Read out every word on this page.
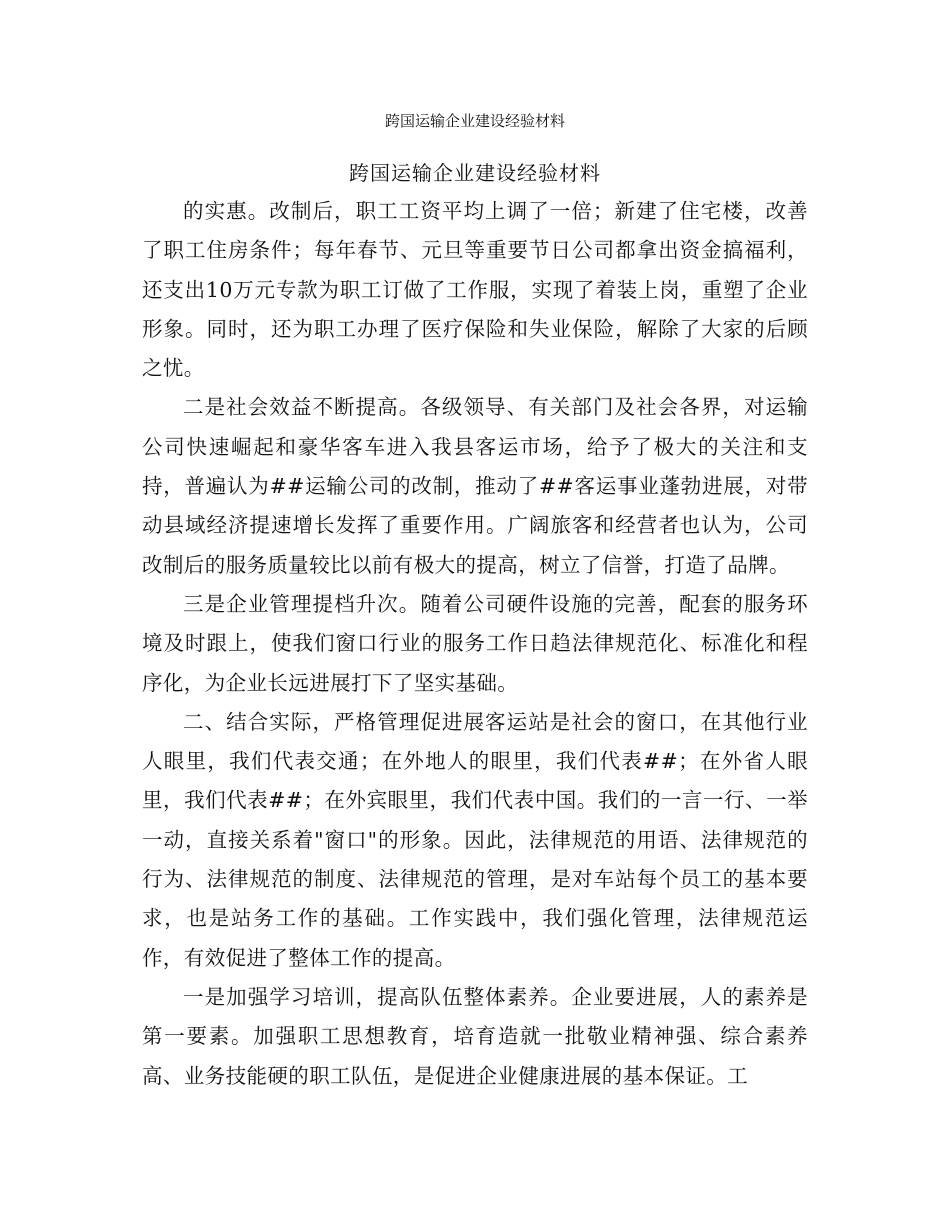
跨国运输企业建设经验材料
跨国运输企业建设经验材料

的实惠。改制后，职工工资平均上调了一倍；新建了住宅楼，改善了职工住房条件；每年春节、元旦等重要节日公司都拿出资金搞福利，还支出10万元专款为职工订做了工作服，实现了着装上岗，重塑了企业形象。同时，还为职工办理了医疗保险和失业保险，解除了大家的后顾之忧。

二是社会效益不断提高。各级领导、有关部门及社会各界，对运输公司快速崛起和豪华客车进入我县客运市场，给予了极大的关注和支持，普遍认为##运输公司的改制，推动了##客运事业蓬勃进展，对带动县域经济提速增长发挥了重要作用。广阔旅客和经营者也认为，公司改制后的服务质量较比以前有极大的提高，树立了信誉，打造了品牌。

三是企业管理提档升次。随着公司硬件设施的完善，配套的服务环境及时跟上，使我们窗口行业的服务工作日趋法律规范化、标准化和程序化，为企业长远进展打下了坚实基础。

二、结合实际，严格管理促进展客运站是社会的窗口，在其他行业人眼里，我们代表交通；在外地人的眼里，我们代表##；在外省人眼里，我们代表##；在外宾眼里，我们代表中国。我们的一言一行、一举一动，直接关系着"窗口"的形象。因此，法律规范的用语、法律规范的行为、法律规范的制度、法律规范的管理，是对车站每个员工的基本要求，也是站务工作的基础。工作实践中，我们强化管理，法律规范运作，有效促进了整体工作的提高。

一是加强学习培训，提高队伍整体素养。企业要进展，人的素养是第一要素。加强职工思想教育，培育造就一批敬业精神强、综合素养高、业务技能硬的职工队伍，是促进企业健康进展的基本保证。工
